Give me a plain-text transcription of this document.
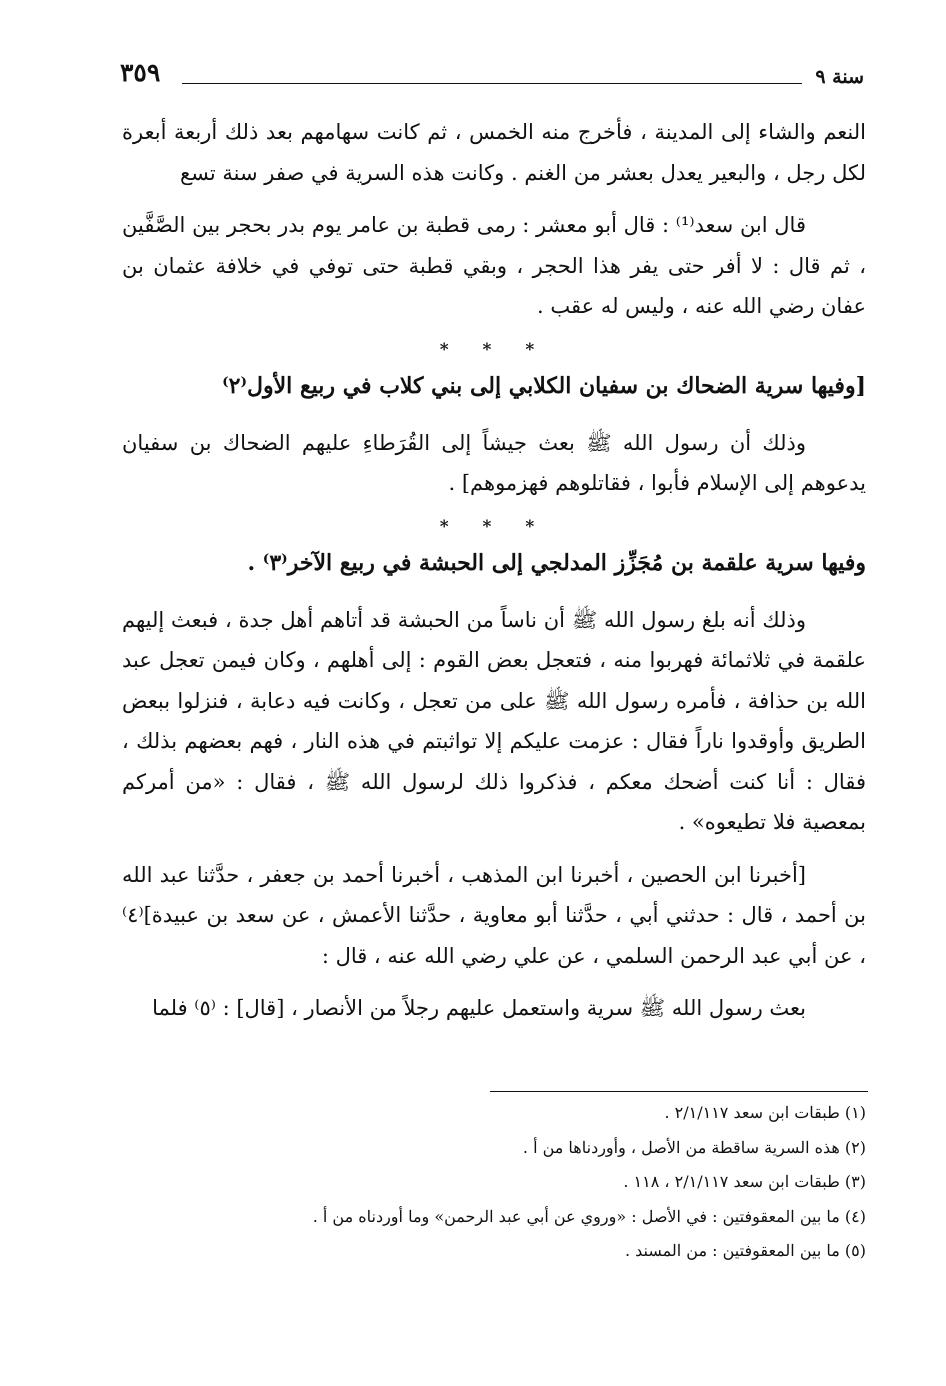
٣٥٩	سنة ٩

النعم والشاء إلى المدينة ، فأخرج منه الخمس ، ثم كانت سهامهم بعد ذلك أربعة أبعرة لكل رجل ، والبعير يعدل بعشر من الغنم . وكانت هذه السرية في صفر سنة تسع

قال ابن سعد⁽¹⁾ : قال أبو معشر : رمى قطبة بن عامر يوم بدر بحجر بين الصَّفَّين ، ثم قال : لا أفر حتى يفر هذا الحجر ، وبقي قطبة حتى توفي في خلافة عثمان بن عفان رضي الله عنه ، وليس له عقب .

* * *
[وفيها سرية الضحاك بن سفيان الكلابي إلى بني كلاب في ربيع الأول⁽٢⁾

وذلك أن رسول الله ﷺ بعث جيشاً إلى القُرَطاءِ عليهم الضحاك بن سفيان يدعوهم إلى الإسلام فأبوا ، فقاتلوهم فهزموهم] .

* * *
وفيها سرية علقمة بن مُجَزِّز المدلجي إلى الحبشة في ربيع الآخر⁽٣⁾ .

وذلك أنه بلغ رسول الله ﷺ أن ناساً من الحبشة قد أتاهم أهل جدة ، فبعث إليهم علقمة في ثلاثمائة فهربوا منه ، فتعجل بعض القوم : إلى أهلهم ، وكان فيمن تعجل عبد الله بن حذافة ، فأمره رسول الله ﷺ على من تعجل ، وكانت فيه دعابة ، فنزلوا ببعض الطريق وأوقدوا ناراً فقال : عزمت عليكم إلا تواثبتم في هذه النار ، فهم بعضهم بذلك ، فقال : أنا كنت أضحك معكم ، فذكروا ذلك لرسول الله ﷺ ، فقال : «من أمركم بمعصية فلا تطيعوه» .

[أخبرنا ابن الحصين ، أخبرنا ابن المذهب ، أخبرنا أحمد بن جعفر ، حدَّثنا عبد الله بن أحمد ، قال : حدثني أبي ، حدَّثنا أبو معاوية ، حدَّثنا الأعمش ، عن سعد بن عبيدة]⁽٤⁾ ، عن أبي عبد الرحمن السلمي ، عن علي رضي الله عنه ، قال :

بعث رسول الله ﷺ سرية واستعمل عليهم رجلاً من الأنصار ، [قال] : ⁽٥⁾ فلما

(١) طبقات ابن سعد ٢/١/١١٧ .

(٢) هذه السرية ساقطة من الأصل ، وأوردناها من أ .

(٣) طبقات ابن سعد ٢/١/١١٧ ، ١١٨ .

(٤) ما بين المعقوفتين : في الأصل : «وروي عن أبي عبد الرحمن» وما أوردناه من أ .

(٥) ما بين المعقوفتين : من المسند .
